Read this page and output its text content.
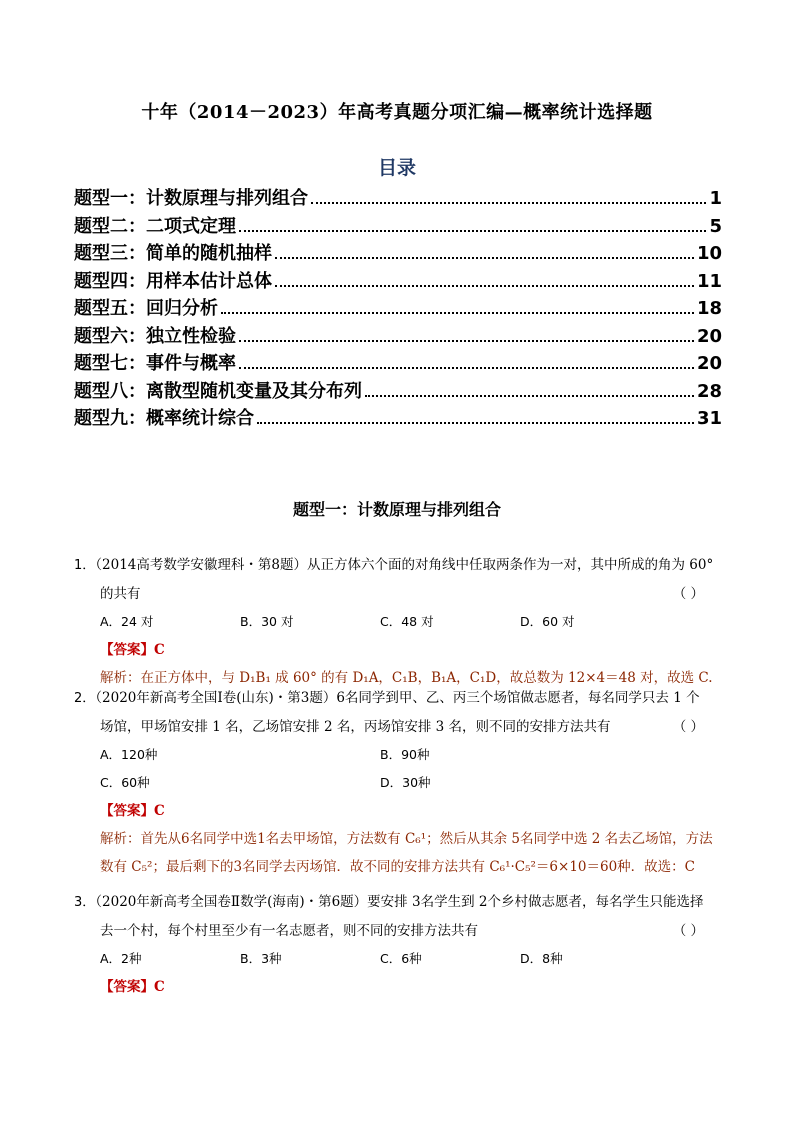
十年（2014－2023）年高考真题分项汇编—概率统计选择题
目录
题型一：计数原理与排列组合	1
题型二：二项式定理	5
题型三：简单的随机抽样	10
题型四：用样本估计总体	11
题型五：回归分析	18
题型六：独立性检验	20
题型七：事件与概率	20
题型八：离散型随机变量及其分布列	28
题型九：概率统计综合	31
题型一：计数原理与排列组合
1．（2014高考数学安徽理科・第8题）从正方体六个面的对角线中任取两条作为一对，其中所成的角为 60°
的共有	（ ）
A．24 对	B．30 对	C．48 对	D．60 对
【答案】C
解析：在正方体中，与 D₁B₁ 成 60° 的有 D₁A，C₁B，B₁A，C₁D，故总数为 12×4＝48 对，故选 C.
2．（2020年新高考全国Ⅰ卷(山东)・第3题）6名同学到甲、乙、丙三个场馆做志愿者，每名同学只去 1 个
场馆，甲场馆安排 1 名，乙场馆安排 2 名，丙场馆安排 3 名，则不同的安排方法共有	（ ）
A．120种	B．90种
C．60种	D．30种
【答案】C
解析：首先从6名同学中选1名去甲场馆，方法数有 C₆¹；然后从其余 5名同学中选 2 名去乙场馆，方法
数有 C₅²；最后剩下的3名同学去丙场馆．故不同的安排方法共有 C₆¹·C₅²＝6×10＝60种．故选：C
3．（2020年新高考全国卷Ⅱ数学(海南)・第6题）要安排 3名学生到 2个乡村做志愿者，每名学生只能选择
去一个村，每个村里至少有一名志愿者，则不同的安排方法共有	（ ）
A．2种	B．3种	C．6种	D．8种
【答案】C
